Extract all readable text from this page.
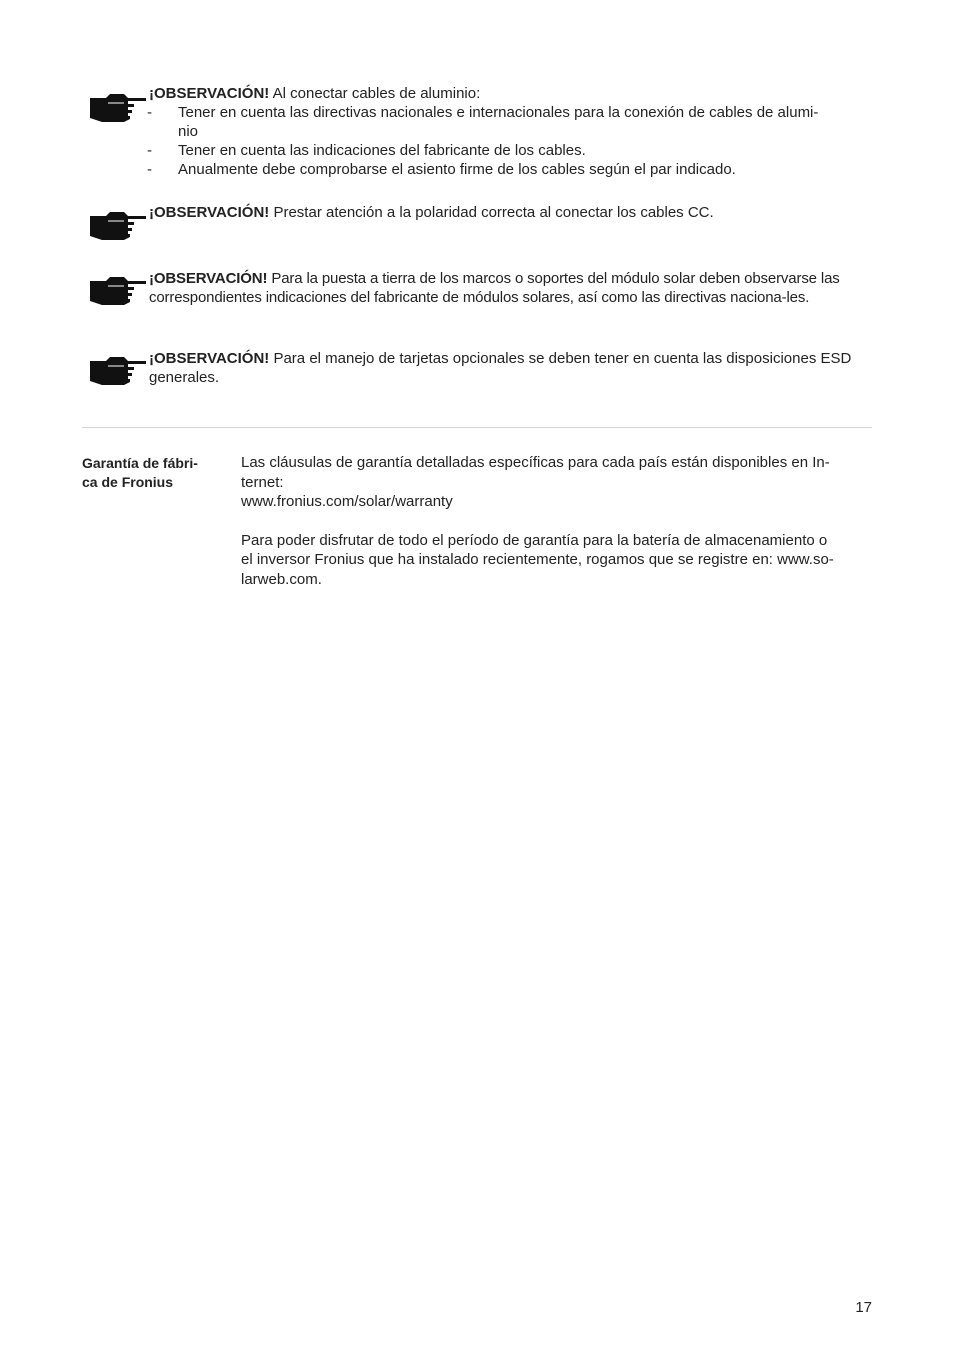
¡OBSERVACIÓN! Al conectar cables de aluminio:
- Tener en cuenta las directivas nacionales e internacionales para la conexión de cables de alumi-
nio
- Tener en cuenta las indicaciones del fabricante de los cables.
- Anualmente debe comprobarse el asiento firme de los cables según el par indicado.
¡OBSERVACIÓN! Prestar atención a la polaridad correcta al conectar los cables CC.
¡OBSERVACIÓN! Para la puesta a tierra de los marcos o soportes del módulo solar deben observarse las correspondientes indicaciones del fabricante de módulos solares, así como las directivas naciona-les.
¡OBSERVACIÓN! Para el manejo de tarjetas opcionales se deben tener en cuenta las disposiciones ESD generales.
Garantía de fábri-
ca de Fronius

Las cláusulas de garantía detalladas específicas para cada país están disponibles en In-
ternet:
www.fronius.com/solar/warranty

Para poder disfrutar de todo el período de garantía para la batería de almacenamiento o
el inversor Fronius que ha instalado recientemente, rogamos que se registre en: www.so-
larweb.com.

17
